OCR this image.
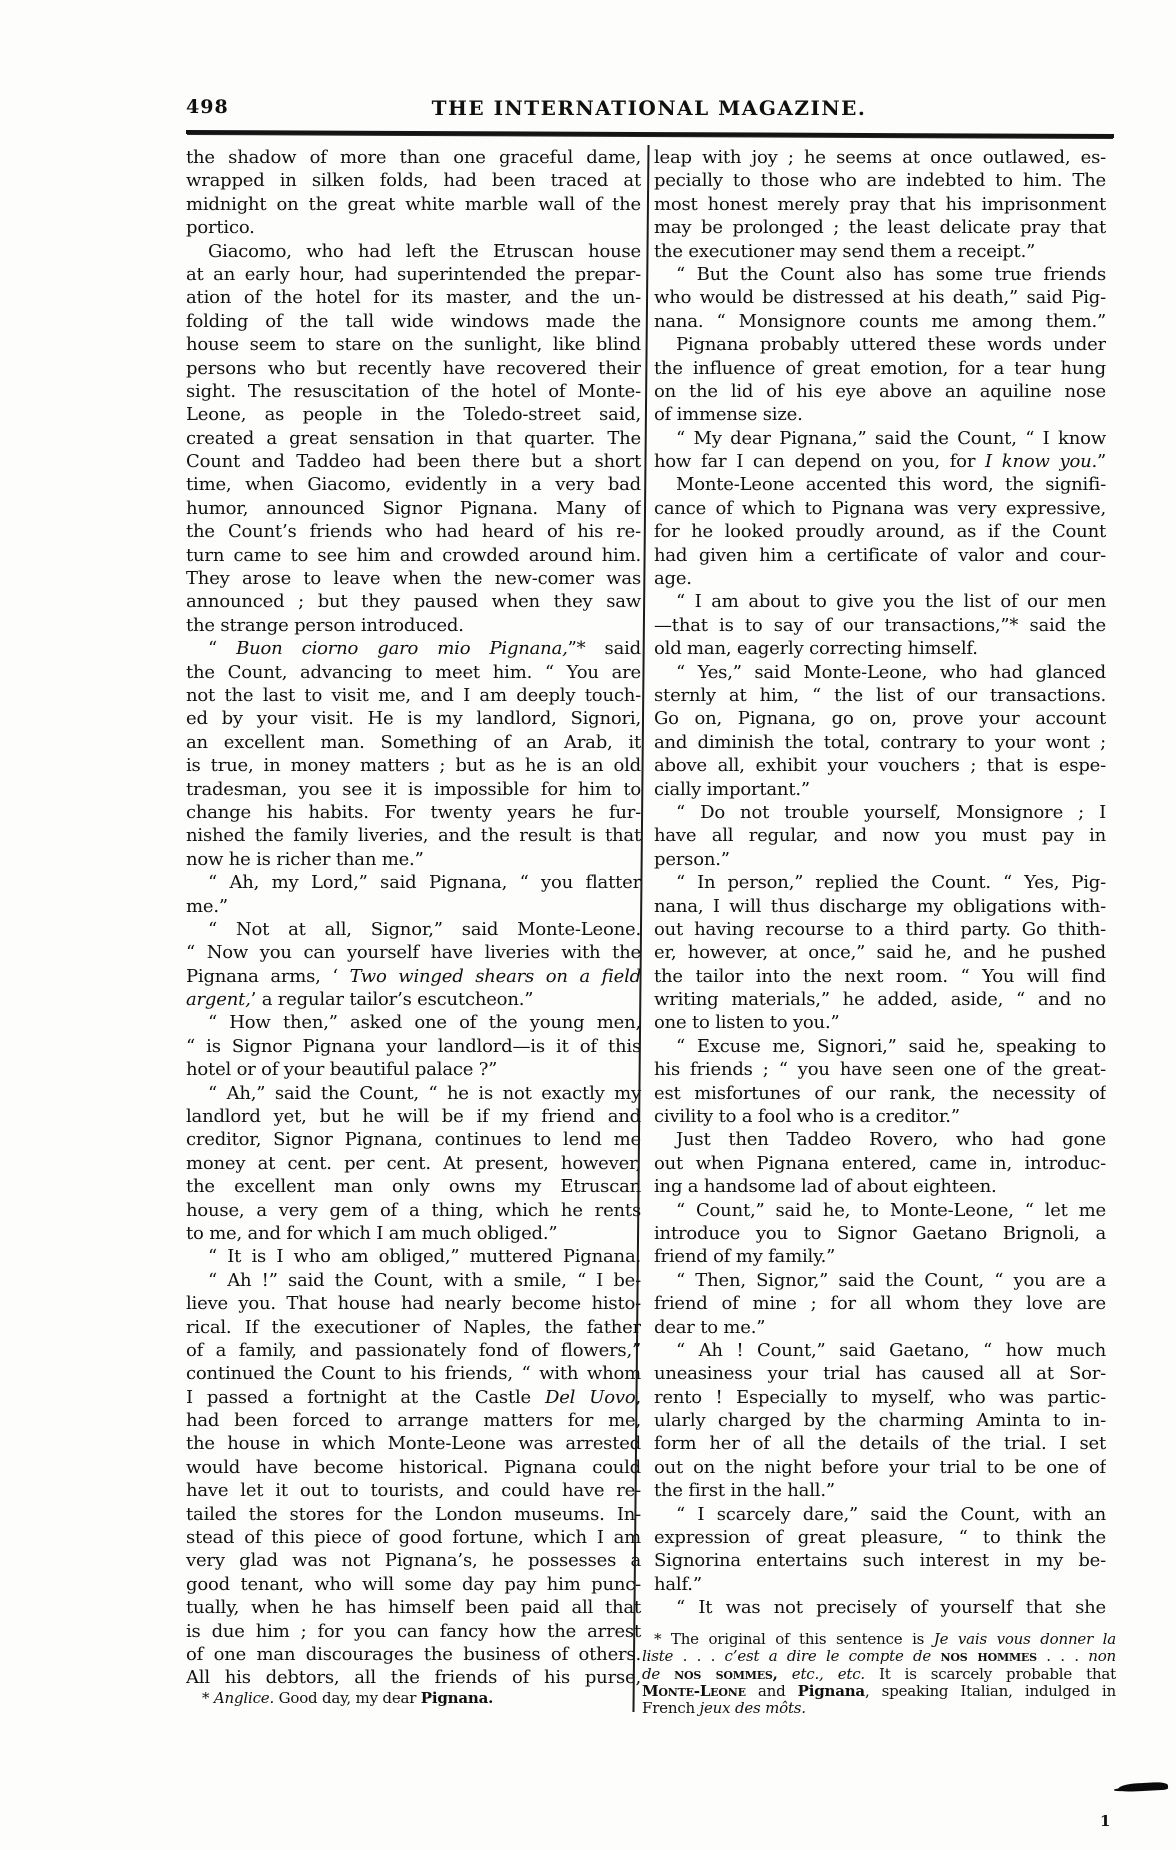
498	THE INTERNATIONAL MAGAZINE.
the shadow of more than one graceful dame,
wrapped in silken folds, had been traced at
midnight on the great white marble wall of the
portico.
Giacomo, who had left the Etruscan house
at an early hour, had superintended the prepar-
ation of the hotel for its master, and the un-
folding of the tall wide windows made the
house seem to stare on the sunlight, like blind
persons who but recently have recovered their
sight. The resuscitation of the hotel of Monte-
Leone, as people in the Toledo-street said,
created a great sensation in that quarter. The
Count and Taddeo had been there but a short
time, when Giacomo, evidently in a very bad
humor, announced Signor Pignana. Many of
the Count’s friends who had heard of his re-
turn came to see him and crowded around him.
They arose to leave when the new-comer was
announced ; but they paused when they saw
the strange person introduced.
“ Buon ciorno garo mio Pignana,”* said
the Count, advancing to meet him. “ You are
not the last to visit me, and I am deeply touch-
ed by your visit. He is my landlord, Signori,
an excellent man. Something of an Arab, it
is true, in money matters ; but as he is an old
tradesman, you see it is impossible for him to
change his habits. For twenty years he fur-
nished the family liveries, and the result is that
now he is richer than me.”
“ Ah, my Lord,” said Pignana, “ you flatter
me.”
“ Not at all, Signor,” said Monte-Leone.
“ Now you can yourself have liveries with the
Pignana arms, ‘ Two winged shears on a field
argent,’ a regular tailor’s escutcheon.”
“ How then,” asked one of the young men,
“ is Signor Pignana your landlord—is it of this
hotel or of your beautiful palace ?”
“ Ah,” said the Count, “ he is not exactly my
landlord yet, but he will be if my friend and
creditor, Signor Pignana, continues to lend me
money at cent. per cent. At present, however,
the excellent man only owns my Etruscan
house, a very gem of a thing, which he rents
to me, and for which I am much obliged.”
“ It is I who am obliged,” muttered Pignana.
“ Ah !” said the Count, with a smile, “ I be-
lieve you. That house had nearly become histo-
rical. If the executioner of Naples, the father
of a family, and passionately fond of flowers,”
continued the Count to his friends, “ with whom
I passed a fortnight at the Castle Del Uovo,
had been forced to arrange matters for me,
the house in which Monte-Leone was arrested
would have become historical. Pignana could
have let it out to tourists, and could have re-
tailed the stores for the London museums. In-
stead of this piece of good fortune, which I am
very glad was not Pignana’s, he possesses a
good tenant, who will some day pay him punc-
tually, when he has himself been paid all that
is due him ; for you can fancy how the arrest
of one man discourages the business of others.
All his debtors, all the friends of his purse,
leap with joy ; he seems at once outlawed, es-
pecially to those who are indebted to him. The
most honest merely pray that his imprisonment
may be prolonged ; the least delicate pray that
the executioner may send them a receipt.”
“ But the Count also has some true friends
who would be distressed at his death,” said Pig-
nana. “ Monsignore counts me among them.”
Pignana probably uttered these words under
the influence of great emotion, for a tear hung
on the lid of his eye above an aquiline nose
of immense size.
“ My dear Pignana,” said the Count, “ I know
how far I can depend on you, for I know you.”
Monte-Leone accented this word, the signifi-
cance of which to Pignana was very expressive,
for he looked proudly around, as if the Count
had given him a certificate of valor and cour-
age.
“ I am about to give you the list of our men
—that is to say of our transactions,”* said the
old man, eagerly correcting himself.
“ Yes,” said Monte-Leone, who had glanced
sternly at him, “ the list of our transactions.
Go on, Pignana, go on, prove your account
and diminish the total, contrary to your wont ;
above all, exhibit your vouchers ; that is espe-
cially important.”
“ Do not trouble yourself, Monsignore ; I
have all regular, and now you must pay in
person.”
“ In person,” replied the Count. “ Yes, Pig-
nana, I will thus discharge my obligations with-
out having recourse to a third party. Go thith-
er, however, at once,” said he, and he pushed
the tailor into the next room. “ You will find
writing materials,” he added, aside, “ and no
one to listen to you.”
“ Excuse me, Signori,” said he, speaking to
his friends ; “ you have seen one of the great-
est misfortunes of our rank, the necessity of
civility to a fool who is a creditor.”
Just then Taddeo Rovero, who had gone
out when Pignana entered, came in, introduc-
ing a handsome lad of about eighteen.
“ Count,” said he, to Monte-Leone, “ let me
introduce you to Signor Gaetano Brignoli, a
friend of my family.”
“ Then, Signor,” said the Count, “ you are a
friend of mine ; for all whom they love are
dear to me.”
“ Ah ! Count,” said Gaetano, “ how much
uneasiness your trial has caused all at Sor-
rento ! Especially to myself, who was partic-
ularly charged by the charming Aminta to in-
form her of all the details of the trial. I set
out on the night before your trial to be one of
the first in the hall.”
“ I scarcely dare,” said the Count, with an
expression of great pleasure, “ to think the
Signorina entertains such interest in my be-
half.”
“ It was not precisely of yourself that she
* Anglice. Good day, my dear Pignana.
* The original of this sentence is Je vais vous donner la
liste . . . c’est a dire le compte de nos hommes . . . non
de nos sommes, etc., etc. It is scarcely probable that
Monte-Leone and Pignana, speaking Italian, indulged in
French jeux des môts.
1
